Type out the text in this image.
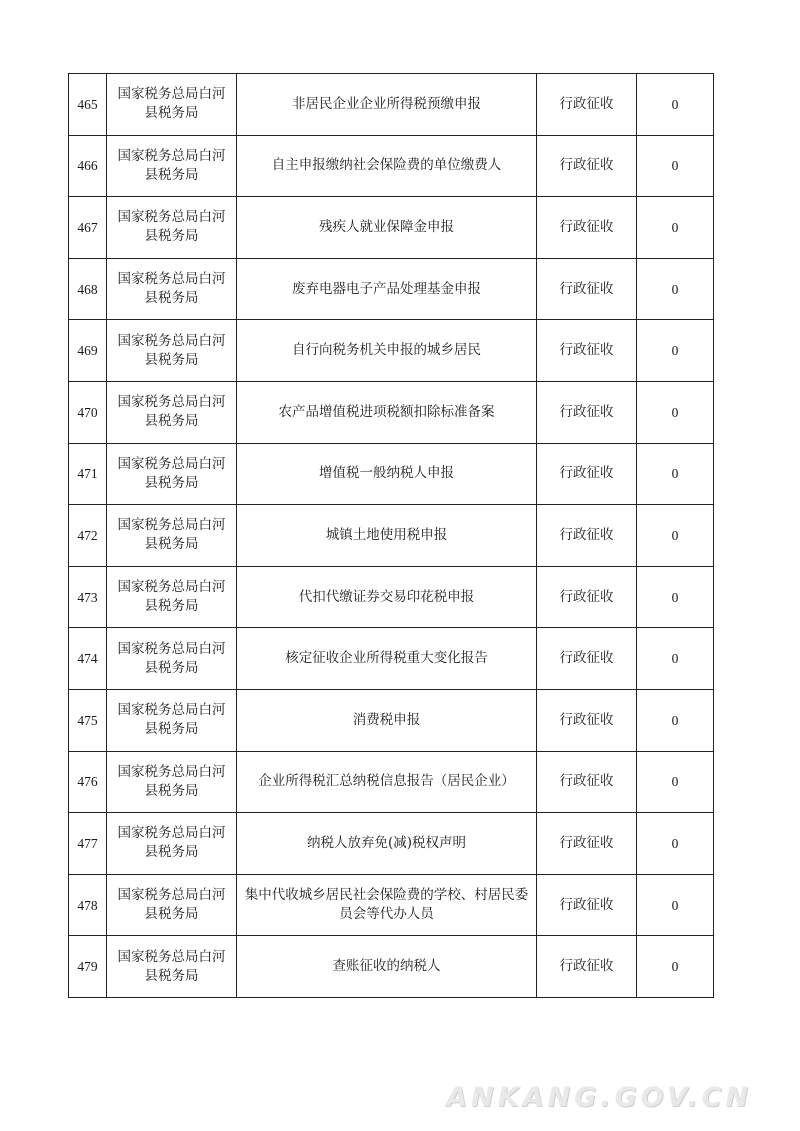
465	国家税务总局白河县税务局	非居民企业企业所得税预缴申报	行政征收	0
466	国家税务总局白河县税务局	自主申报缴纳社会保险费的单位缴费人	行政征收	0
467	国家税务总局白河县税务局	残疾人就业保障金申报	行政征收	0
468	国家税务总局白河县税务局	废弃电器电子产品处理基金申报	行政征收	0
469	国家税务总局白河县税务局	自行向税务机关申报的城乡居民	行政征收	0
470	国家税务总局白河县税务局	农产品增值税进项税额扣除标准备案	行政征收	0
471	国家税务总局白河县税务局	增值税一般纳税人申报	行政征收	0
472	国家税务总局白河县税务局	城镇土地使用税申报	行政征收	0
473	国家税务总局白河县税务局	代扣代缴证券交易印花税申报	行政征收	0
474	国家税务总局白河县税务局	核定征收企业所得税重大变化报告	行政征收	0
475	国家税务总局白河县税务局	消费税申报	行政征收	0
476	国家税务总局白河县税务局	企业所得税汇总纳税信息报告（居民企业）	行政征收	0
477	国家税务总局白河县税务局	纳税人放弃免(减)税权声明	行政征收	0
478	国家税务总局白河县税务局	集中代收城乡居民社会保险费的学校、村居民委员会等代办人员	行政征收	0
479	国家税务总局白河县税务局	查账征收的纳税人	行政征收	0
ANKANG.GOV.CN
